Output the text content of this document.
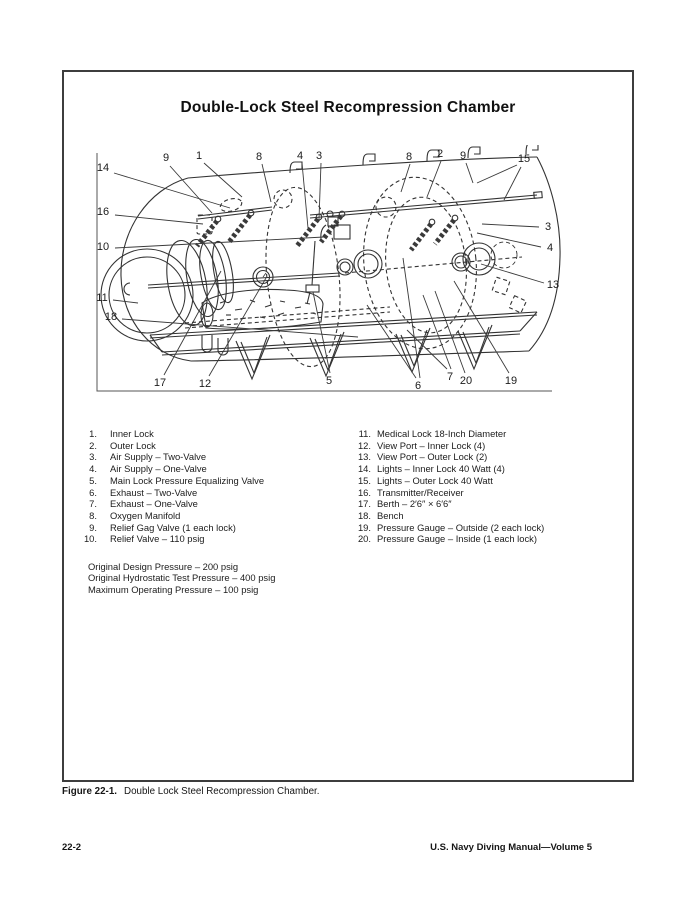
Double-Lock Steel Recompression Chamber
14
16
10
11
18
9 1	8	4 3	8 2 9	15
3
4
13
17	12	5	6
7 20	19
1. Inner Lock
2. Outer Lock
3. Air Supply – Two-Valve
4. Air Supply – One-Valve
5. Main Lock Pressure Equalizing Valve
6. Exhaust – Two-Valve
7. Exhaust – One-Valve
8. Oxygen Manifold
9. Relief Gag Valve (1 each lock)
10. Relief Valve – 110 psig
11. Medical Lock 18-Inch Diameter
12. View Port – Inner Lock (4)
13. View Port – Outer Lock (2)
14. Lights – Inner Lock 40 Watt (4)
15. Lights – Outer Lock 40 Watt
16. Transmitter/Receiver
17. Berth – 2′6″ × 6′6″
18. Bench
19. Pressure Gauge – Outside (2 each lock)
20. Pressure Gauge – Inside (1 each lock)
Original Design Pressure – 200 psig
Original Hydrostatic Test Pressure – 400 psig
Maximum Operating Pressure – 100 psig
Figure 22-1. Double Lock Steel Recompression Chamber.
22-2	U.S. Navy Diving Manual—Volume 5
